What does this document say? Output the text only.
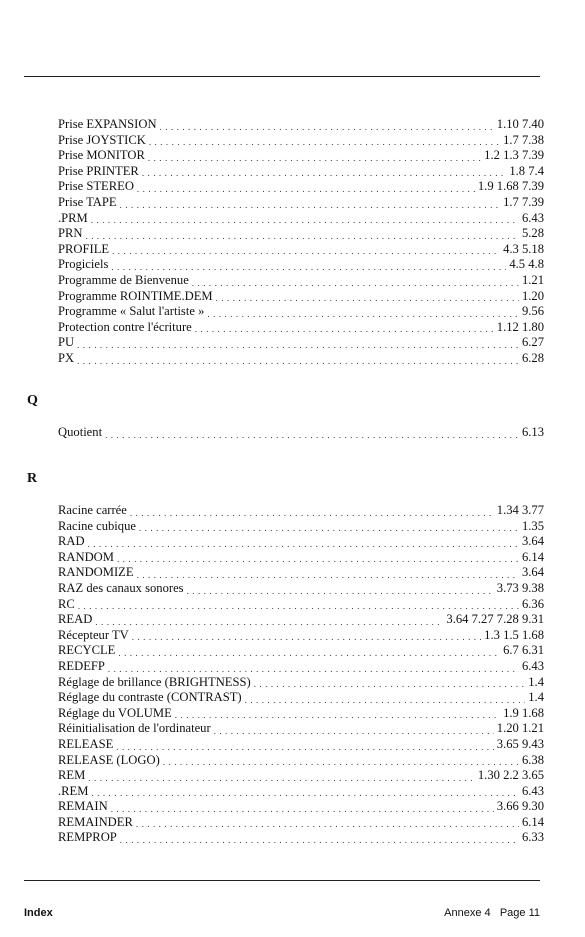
Prise EXPANSION . . .	1.10 7.40
Prise JOYSTICK . . .	1.7 7.38
Prise MONITOR . . .	1.2 1.3 7.39
Prise PRINTER . . .	1.8 7.4
Prise STEREO . . .	1.9 1.68 7.39
Prise TAPE . . .	1.7 7.39
.PRM . . .	6.43
PRN . . .	5.28
PROFILE . . .	4.3 5.18
Progiciels . . .	4.5 4.8
Programme de Bienvenue . . .	1.21
Programme ROINTIME.DEM . . .	1.20
Programme « Salut l'artiste » . . .	9.56
Protection contre l'écriture . . .	1.12 1.80
PU . . .	6.27
PX . . .	6.28
Q
Quotient . . .	6.13
R
Racine carrée . . .	1.34 3.77
Racine cubique . . .	1.35
RAD . . .	3.64
RANDOM . . .	6.14
RANDOMIZE . . .	3.64
RAZ des canaux sonores . . .	3.73 9.38
RC . . .	6.36
READ . . .	3.64 7.27 7.28 9.31
Récepteur TV . . .	1.3 1.5 1.68
RECYCLE . . .	6.7 6.31
REDEFP . . .	6.43
Réglage de brillance (BRIGHTNESS) . . .	1.4
Réglage du contraste (CONTRAST) . . .	1.4
Réglage du VOLUME . . .	1.9 1.68
Réinitialisation de l'ordinateur . . .	1.20 1.21
RELEASE . . .	3.65 9.43
RELEASE (LOGO) . . .	6.38
REM . . .	1.30 2.2 3.65
.REM . . .	6.43
REMAIN . . .	3.66 9.30
REMAINDER . . .	6.14
REMPROP . . .	6.33
Index	Annexe 4   Page 11
